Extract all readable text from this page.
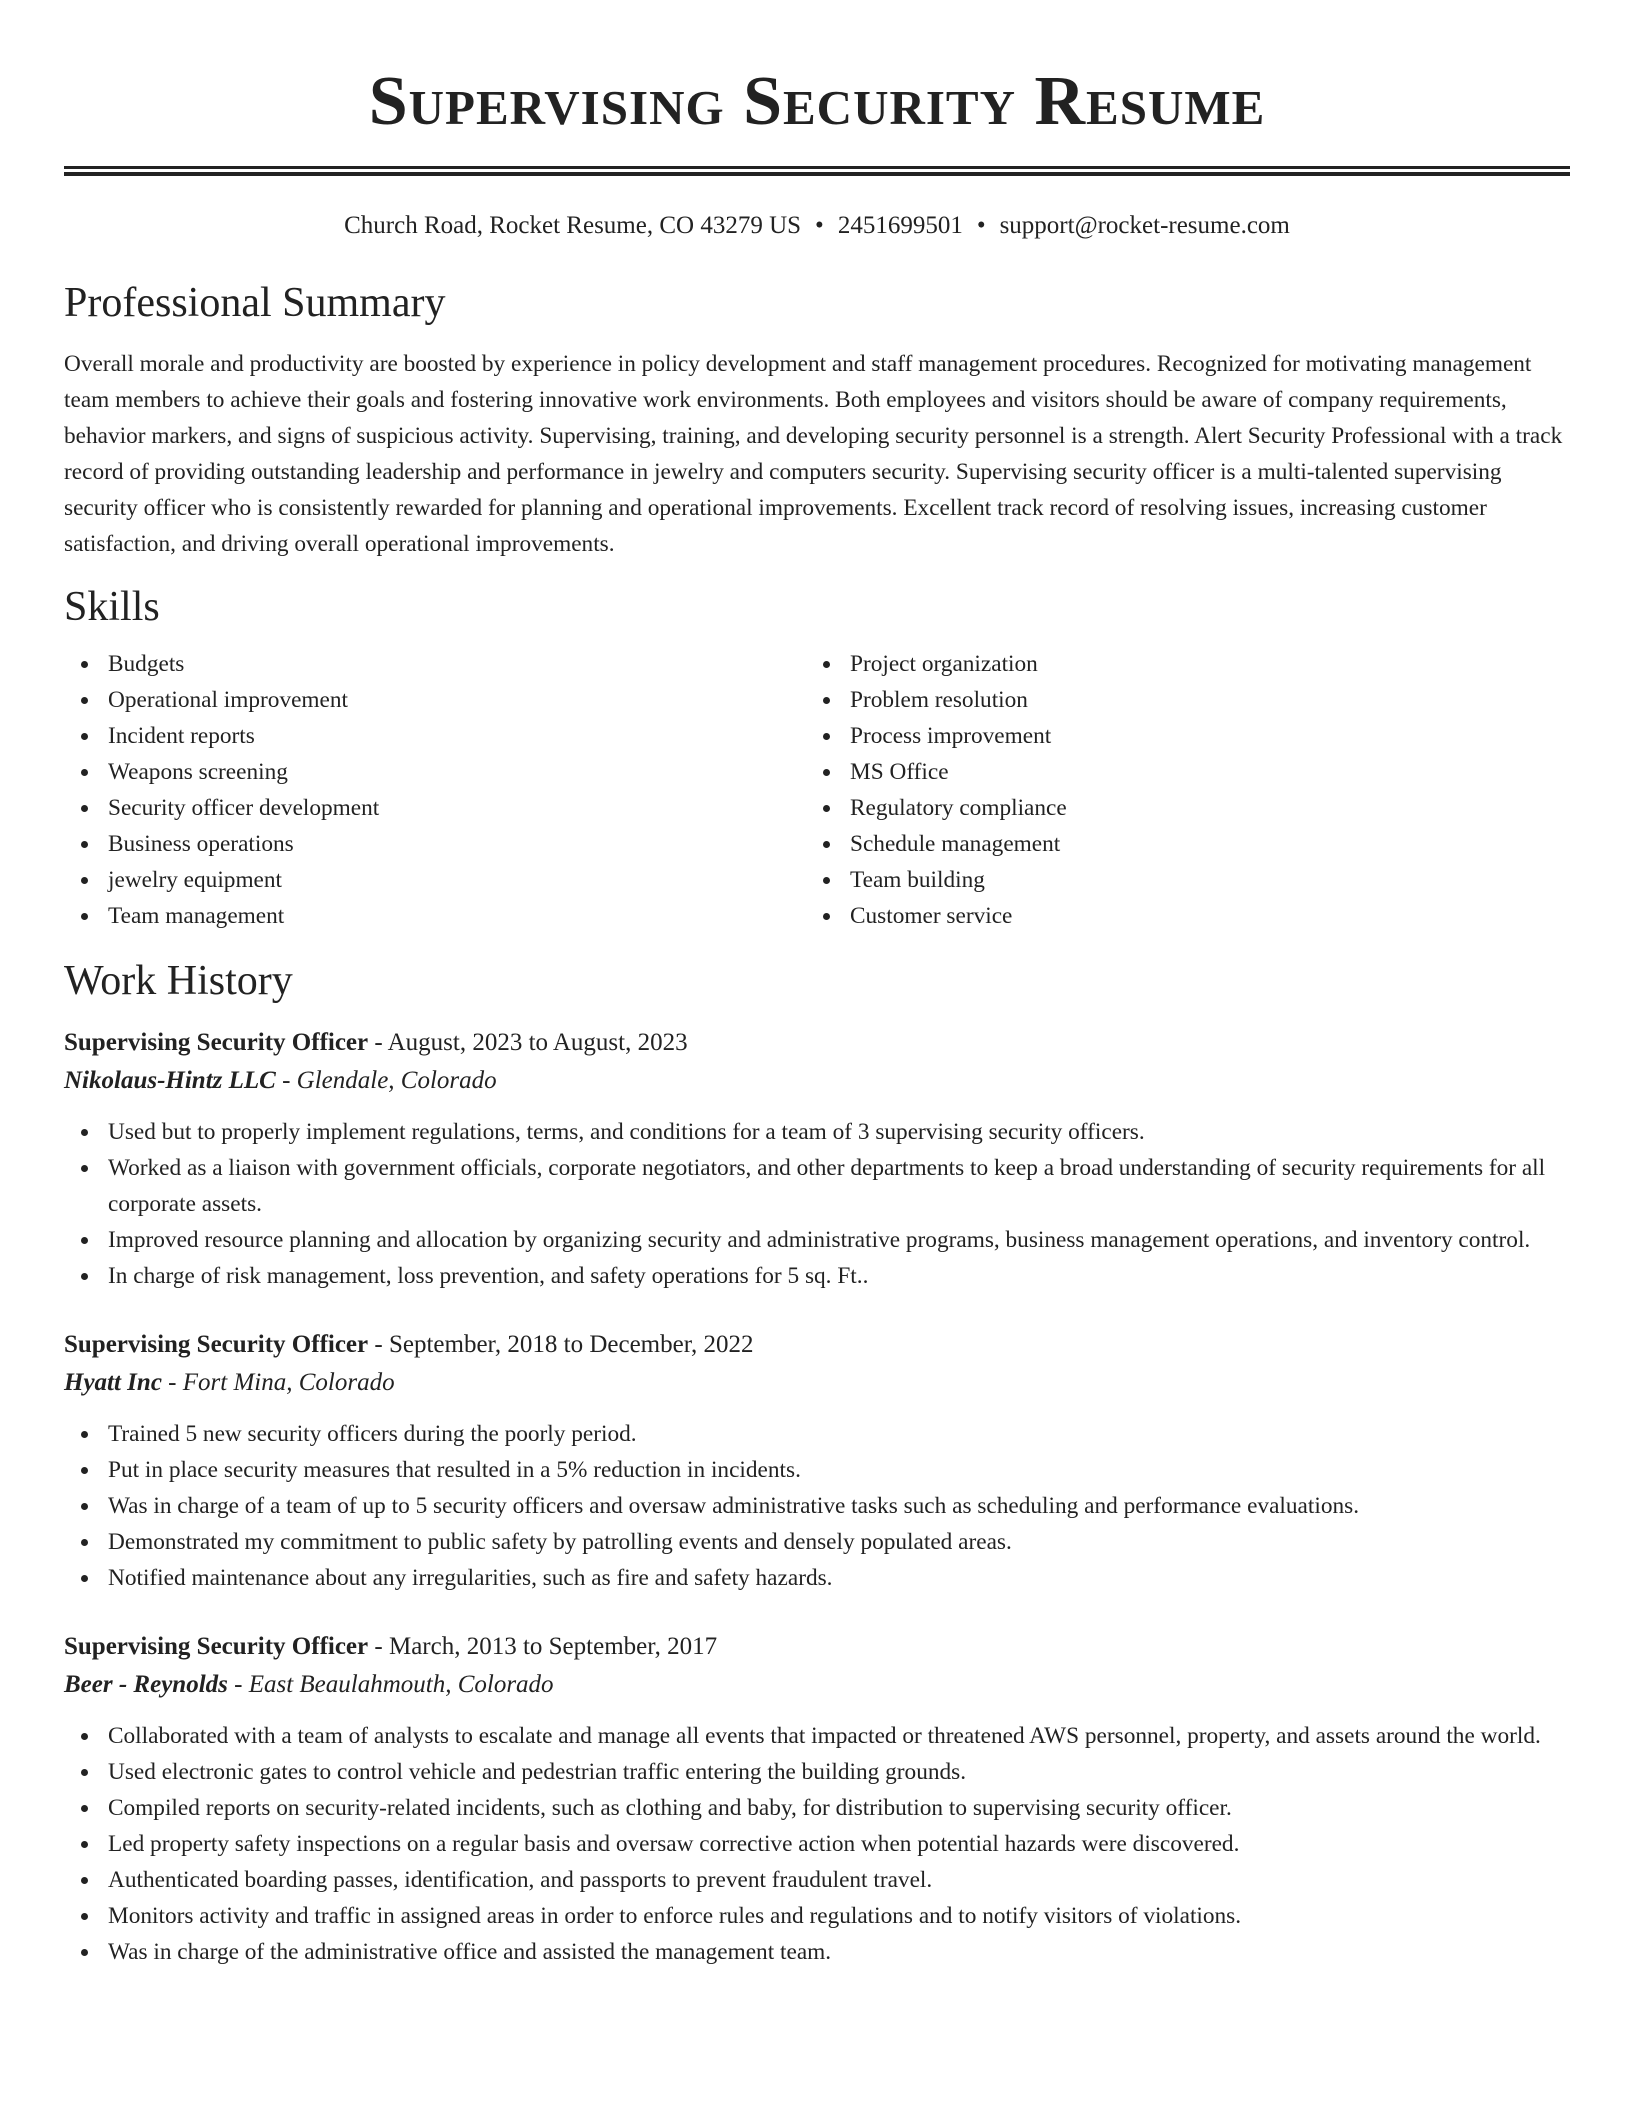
Supervising Security Resume
Church Road, Rocket Resume, CO 43279 US • 2451699501 • support@rocket-resume.com
Professional Summary

Overall morale and productivity are boosted by experience in policy development and staff management procedures. Recognized for motivating management team members to achieve their goals and fostering innovative work environments. Both employees and visitors should be aware of company requirements, behavior markers, and signs of suspicious activity. Supervising, training, and developing security personnel is a strength. Alert Security Professional with a track record of providing outstanding leadership and performance in jewelry and computers security. Supervising security officer is a multi-talented supervising security officer who is consistently rewarded for planning and operational improvements. Excellent track record of resolving issues, increasing customer satisfaction, and driving overall operational improvements.

Skills
Budgets
Operational improvement
Incident reports
Weapons screening
Security officer development
Business operations
jewelry equipment
Team management
Project organization
Problem resolution
Process improvement
MS Office
Regulatory compliance
Schedule management
Team building
Customer service
Work History
Supervising Security Officer - August, 2023 to August, 2023
Nikolaus-Hintz LLC - Glendale, Colorado
Used but to properly implement regulations, terms, and conditions for a team of 3 supervising security officers.
Worked as a liaison with government officials, corporate negotiators, and other departments to keep a broad understanding of security requirements for all corporate assets.
Improved resource planning and allocation by organizing security and administrative programs, business management operations, and inventory control.
In charge of risk management, loss prevention, and safety operations for 5 sq. Ft..
Supervising Security Officer - September, 2018 to December, 2022
Hyatt Inc - Fort Mina, Colorado
Trained 5 new security officers during the poorly period.
Put in place security measures that resulted in a 5% reduction in incidents.
Was in charge of a team of up to 5 security officers and oversaw administrative tasks such as scheduling and performance evaluations.
Demonstrated my commitment to public safety by patrolling events and densely populated areas.
Notified maintenance about any irregularities, such as fire and safety hazards.
Supervising Security Officer - March, 2013 to September, 2017
Beer - Reynolds - East Beaulahmouth, Colorado
Collaborated with a team of analysts to escalate and manage all events that impacted or threatened AWS personnel, property, and assets around the world.
Used electronic gates to control vehicle and pedestrian traffic entering the building grounds.
Compiled reports on security-related incidents, such as clothing and baby, for distribution to supervising security officer.
Led property safety inspections on a regular basis and oversaw corrective action when potential hazards were discovered.
Authenticated boarding passes, identification, and passports to prevent fraudulent travel.
Monitors activity and traffic in assigned areas in order to enforce rules and regulations and to notify visitors of violations.
Was in charge of the administrative office and assisted the management team.
